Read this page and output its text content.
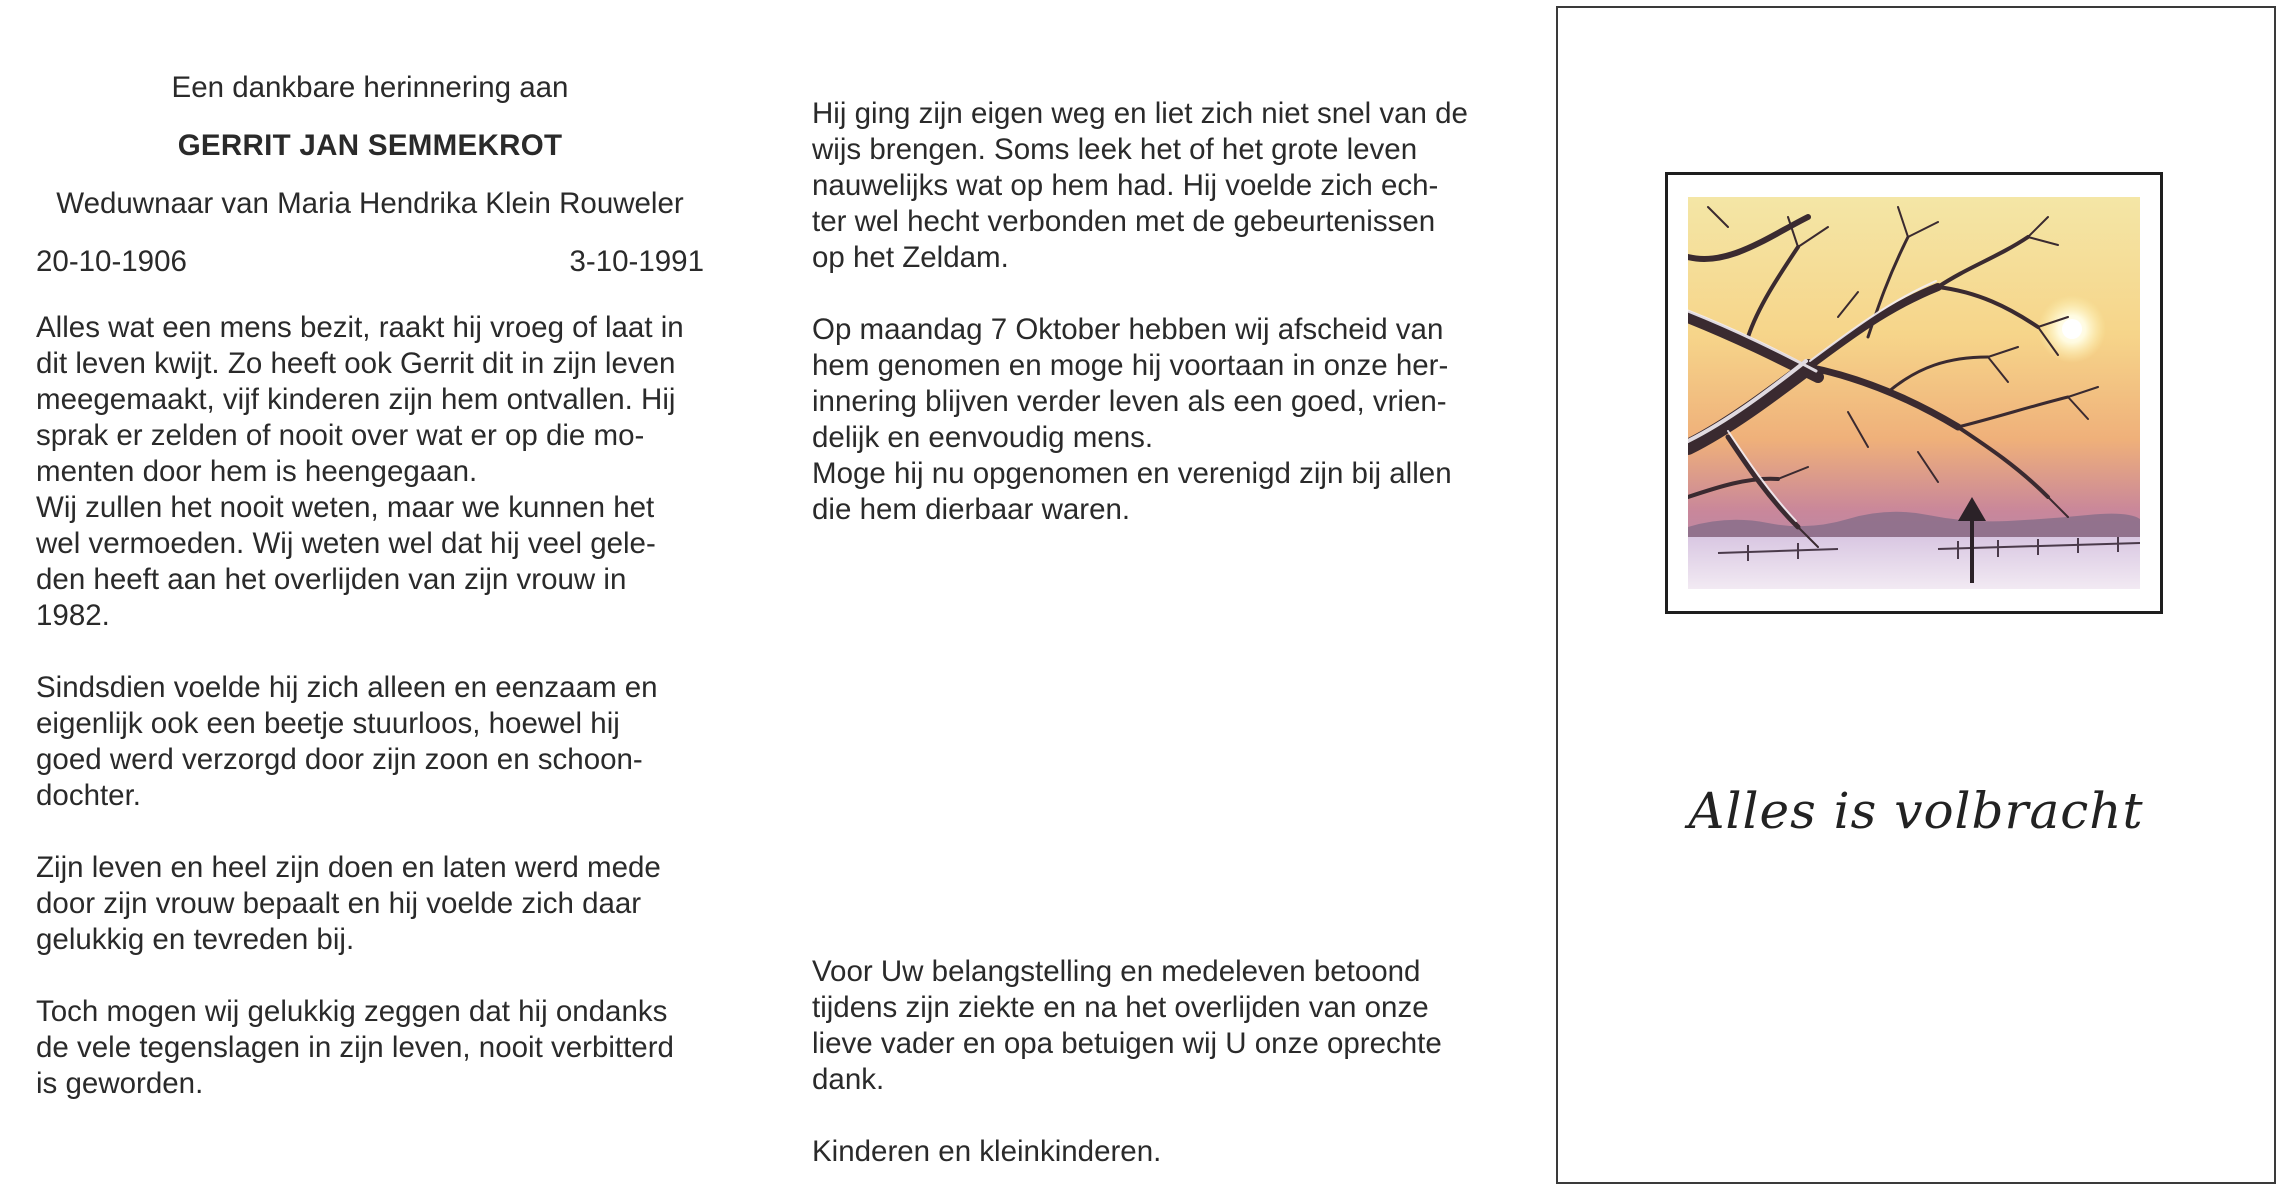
Een dankbare herinnering aan

GERRIT JAN SEMMEKROT

Weduwnaar van Maria Hendrika Klein Rouweler

20-10-1906	3-10-1991

Alles wat een mens bezit, raakt hij vroeg of laat in
dit leven kwijt. Zo heeft ook Gerrit dit in zijn leven
meegemaakt, vijf kinderen zijn hem ontvallen. Hij
sprak er zelden of nooit over wat er op die mo-
menten door hem is heengegaan.
Wij zullen het nooit weten, maar we kunnen het
wel vermoeden. Wij weten wel dat hij veel gele-
den heeft aan het overlijden van zijn vrouw in
1982.

Sindsdien voelde hij zich alleen en eenzaam en
eigenlijk ook een beetje stuurloos, hoewel hij
goed werd verzorgd door zijn zoon en schoon-
dochter.

Zijn leven en heel zijn doen en laten werd mede
door zijn vrouw bepaalt en hij voelde zich daar
gelukkig en tevreden bij.

Toch mogen wij gelukkig zeggen dat hij ondanks
de vele tegenslagen in zijn leven, nooit verbitterd
is geworden.

Hij ging zijn eigen weg en liet zich niet snel van de
wijs brengen. Soms leek het of het grote leven
nauwelijks wat op hem had. Hij voelde zich ech-
ter wel hecht verbonden met de gebeurtenissen
op het Zeldam.

Op maandag 7 Oktober hebben wij afscheid van
hem genomen en moge hij voortaan in onze her-
innering blijven verder leven als een goed, vrien-
delijk en eenvoudig mens.
Moge hij nu opgenomen en verenigd zijn bij allen
die hem dierbaar waren.

Voor Uw belangstelling en medeleven betoond
tijdens zijn ziekte en na het overlijden van onze
lieve vader en opa betuigen wij U onze oprechte
dank.

Kinderen en kleinkinderen.

Alles is volbracht
